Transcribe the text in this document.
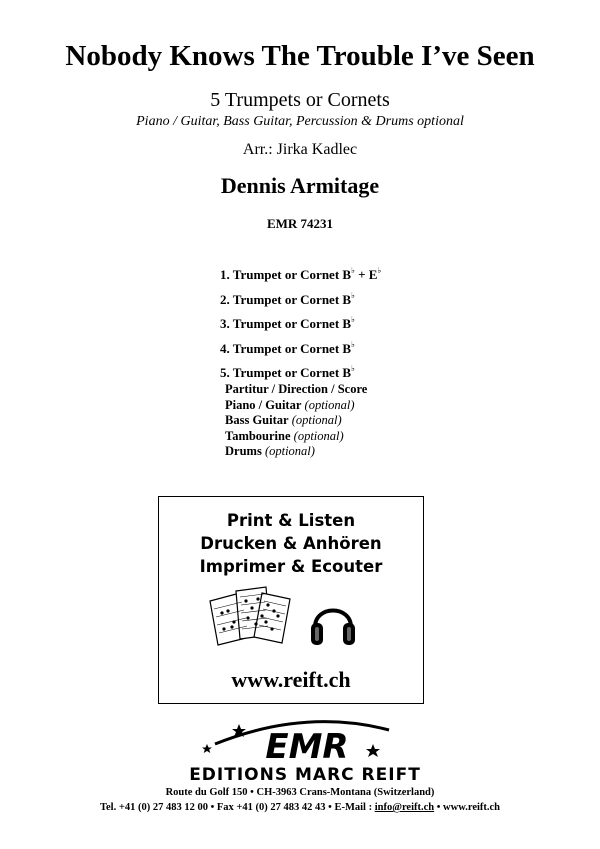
Nobody Knows The Trouble I’ve Seen
5 Trumpets or Cornets
Piano / Guitar, Bass Guitar, Percussion & Drums optional
Arr.: Jirka Kadlec
Dennis Armitage
EMR 74231
1. Trumpet or Cornet B♭ + E♭
2. Trumpet or Cornet B♭
3. Trumpet or Cornet B♭
4. Trumpet or Cornet B♭
5. Trumpet or Cornet B♭
Partitur / Direction / Score
Piano / Guitar (optional)
Bass Guitar (optional)
Tambourine (optional)
Drums (optional)
Print & Listen
Drucken & Anhören
Imprimer & Ecouter
www.reift.ch
EMR
EDITIONS MARC REIFT
Route du Golf 150 • CH-3963 Crans-Montana (Switzerland)
Tel. +41 (0) 27 483 12 00 • Fax +41 (0) 27 483 42 43 • E-Mail : info@reift.ch • www.reift.ch
